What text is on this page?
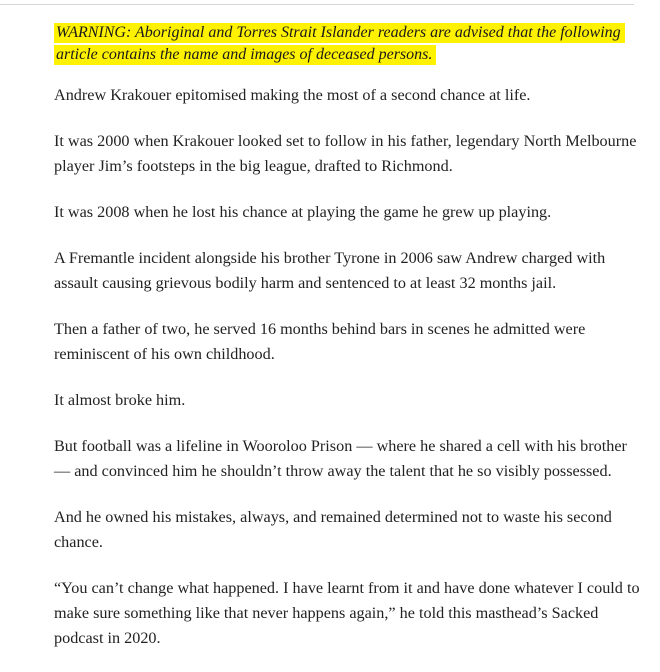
WARNING: Aboriginal and Torres Strait Islander readers are advised that the following article contains the name and images of deceased persons.

Andrew Krakouer epitomised making the most of a second chance at life.

It was 2000 when Krakouer looked set to follow in his father, legendary North Melbourne player Jim’s footsteps in the big league, drafted to Richmond.

It was 2008 when he lost his chance at playing the game he grew up playing.

A Fremantle incident alongside his brother Tyrone in 2006 saw Andrew charged with assault causing grievous bodily harm and sentenced to at least 32 months jail.

Then a father of two, he served 16 months behind bars in scenes he admitted were reminiscent of his own childhood.

It almost broke him.

But football was a lifeline in Wooroloo Prison — where he shared a cell with his brother — and convinced him he shouldn’t throw away the talent that he so visibly possessed.

And he owned his mistakes, always, and remained determined not to waste his second chance.

“You can’t change what happened. I have learnt from it and have done whatever I could to make sure something like that never happens again,” he told this masthead’s Sacked podcast in 2020.
